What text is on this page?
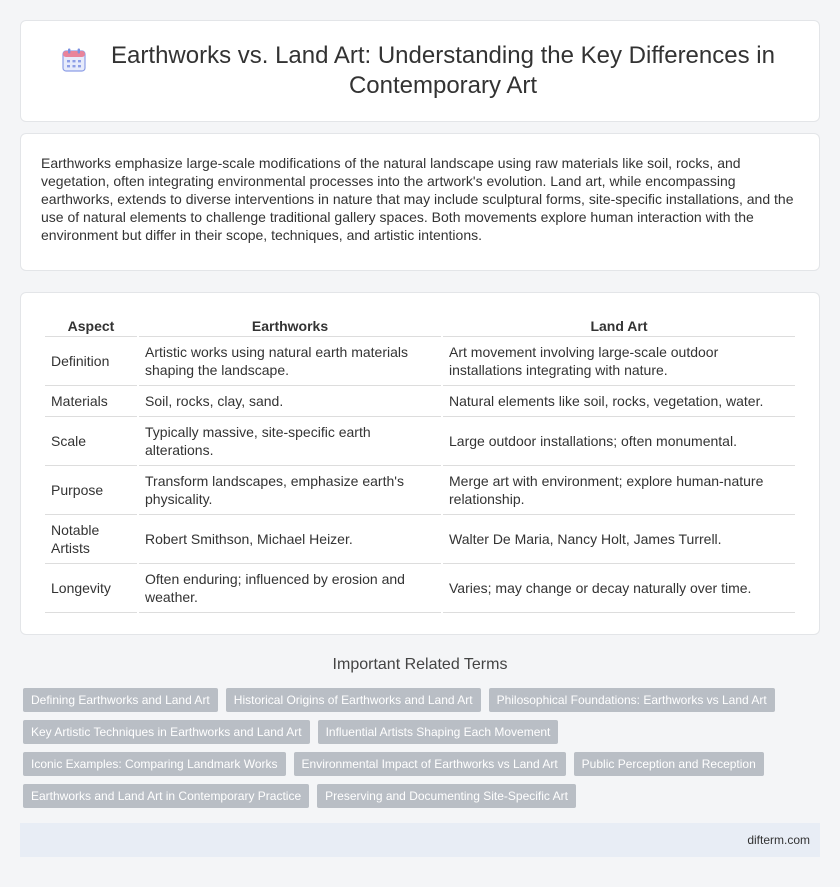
Earthworks vs. Land Art: Understanding the Key Differences in Contemporary Art

Earthworks emphasize large-scale modifications of the natural landscape using raw materials like soil, rocks, and vegetation, often integrating environmental processes into the artwork's evolution. Land art, while encompassing earthworks, extends to diverse interventions in nature that may include sculptural forms, site-specific installations, and the use of natural elements to challenge traditional gallery spaces. Both movements explore human interaction with the environment but differ in their scope, techniques, and artistic intentions.

Aspect	Earthworks	Land Art
Definition	Artistic works using natural earth materials shaping the landscape.	Art movement involving large-scale outdoor installations integrating with nature.
Materials	Soil, rocks, clay, sand.	Natural elements like soil, rocks, vegetation, water.
Scale	Typically massive, site-specific earth alterations.	Large outdoor installations; often monumental.
Purpose	Transform landscapes, emphasize earth's physicality.	Merge art with environment; explore human-nature relationship.
Notable Artists	Robert Smithson, Michael Heizer.	Walter De Maria, Nancy Holt, James Turrell.
Longevity	Often enduring; influenced by erosion and weather.	Varies; may change or decay naturally over time.
Important Related Terms
Defining Earthworks and Land Art	Historical Origins of Earthworks and Land Art	Philosophical Foundations: Earthworks vs Land Art
Key Artistic Techniques in Earthworks and Land Art	Influential Artists Shaping Each Movement
Iconic Examples: Comparing Landmark Works	Environmental Impact of Earthworks vs Land Art	Public Perception and Reception
Earthworks and Land Art in Contemporary Practice	Preserving and Documenting Site-Specific Art
difterm.com
